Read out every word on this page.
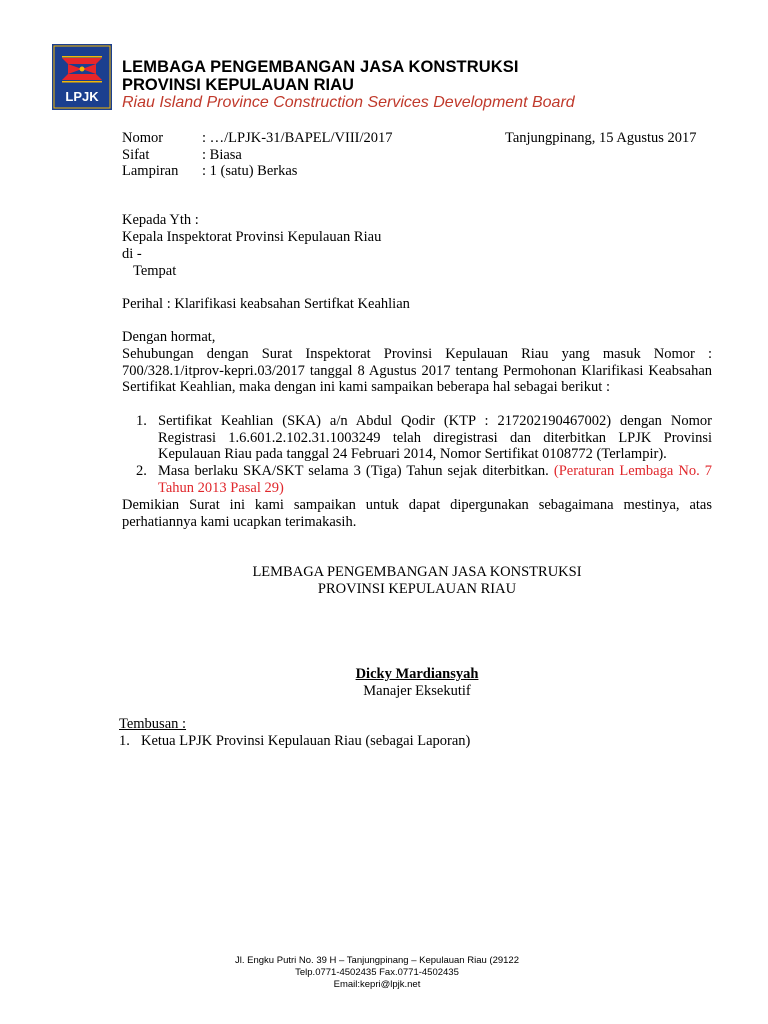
LPJK
LEMBAGA PENGEMBANGAN JASA KONSTRUKSI
PROVINSI KEPULAUAN RIAU
Riau Island Province Construction Services Development Board
Nomor	: …/LPJK-31/BAPEL/VIII/2017	Tanjungpinang, 15 Agustus 2017
Sifat	: Biasa
Lampiran : 1 (satu) Berkas
Kepada Yth :
Kepala Inspektorat Provinsi Kepulauan Riau
di -
Tempat
Perihal : Klarifikasi keabsahan Sertifkat Keahlian
Dengan hormat,
Sehubungan dengan Surat Inspektorat Provinsi Kepulauan Riau yang masuk Nomor : 700/328.1/itprov-kepri.03/2017 tanggal 8 Agustus 2017 tentang Permohonan Klarifikasi Keabsahan Sertifikat Keahlian, maka dengan ini kami sampaikan beberapa hal sebagai berikut :
1. Sertifikat Keahlian (SKA) a/n Abdul Qodir (KTP : 217202190467002) dengan Nomor Registrasi 1.6.601.2.102.31.1003249 telah diregistrasi dan diterbitkan LPJK Provinsi Kepulauan Riau pada tanggal 24 Februari 2014, Nomor Sertifikat 0108772 (Terlampir).
2. Masa berlaku SKA/SKT selama 3 (Tiga) Tahun sejak diterbitkan. (Peraturan Lembaga No. 7 Tahun 2013 Pasal 29)
Demikian Surat ini kami sampaikan untuk dapat dipergunakan sebagaimana mestinya, atas perhatiannya kami ucapkan terimakasih.
LEMBAGA PENGEMBANGAN JASA KONSTRUKSI
PROVINSI KEPULAUAN RIAU
Dicky Mardiansyah
Manajer Eksekutif
Tembusan :
1. Ketua LPJK Provinsi Kepulauan Riau (sebagai Laporan)
Jl. Engku Putri No. 39 H – Tanjungpinang – Kepulauan Riau (29122
Telp.0771-4502435 Fax.0771-4502435
Email:kepri@lpjk.net
